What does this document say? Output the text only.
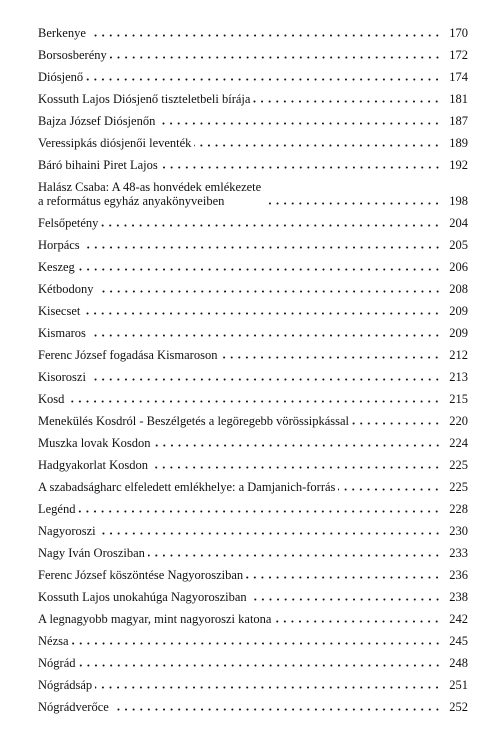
Berkenye	170
Borsosberény	172
Diósjenő	174
Kossuth Lajos Diósjenő tiszteletbeli bírája	181
Bajza József Diósjenőn	187
Veressipkás diósjenői leventék	189
Báró bihaini Piret Lajos	192
Halász Csaba: A 48-as honvédek emlékezete
a református egyház anyakönyveiben	198
Felsőpetény	204
Horpács	205
Keszeg	206
Kétbodony	208
Kisecset	209
Kismaros	209
Ferenc József fogadása Kismaroson	212
Kisoroszi	213
Kosd	215
Menekülés Kosdról - Beszélgetés a legöregebb vörössipkással	220
Muszka lovak Kosdon	224
Hadgyakorlat Kosdon	225
A szabadságharc elfeledett emlékhelye: a Damjanich-forrás	225
Legénd	228
Nagyoroszi	230
Nagy Iván Orosziban	233
Ferenc József köszöntése Nagyorosziban	236
Kossuth Lajos unokahúga Nagyorosziban	238
A legnagyobb magyar, mint nagyoroszi katona	242
Nézsa	245
Nógrád	248
Nógrádsáp	251
Nógrádverőce	252
